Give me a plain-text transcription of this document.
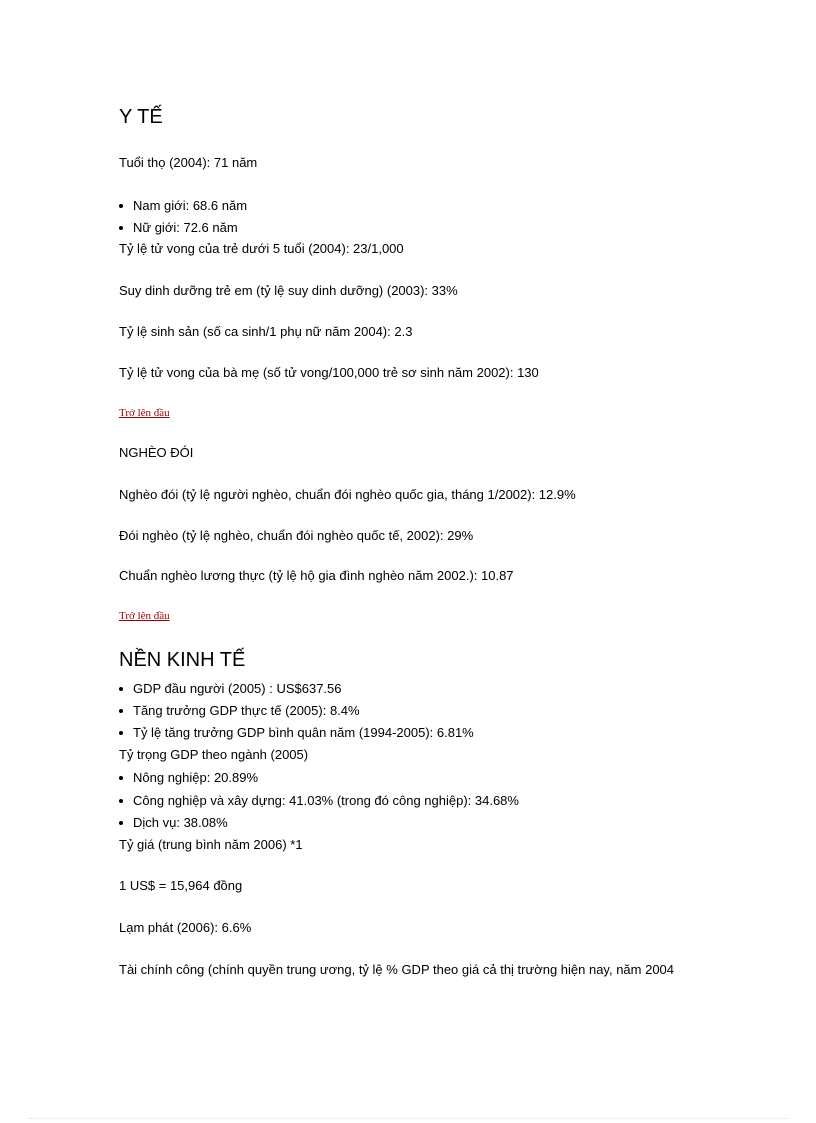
Y TẾ
Tuổi thọ (2004): 71 năm
Nam giới: 68.6 năm
Nữ giới: 72.6 năm
Tỷ lệ tử vong của trẻ dưới 5 tuổi (2004): 23/1,000
Suy dinh dưỡng trẻ em (tỷ lệ suy dinh dưỡng) (2003): 33%
Tỷ lệ sinh sản (số ca sinh/1 phụ nữ năm 2004): 2.3
Tỷ lệ tử vong của bà mẹ (số tử vong/100,000 trẻ sơ sinh năm 2002): 130
Trở lên đầu
NGHÈO ĐÓI
Nghèo đói (tỷ lệ người nghèo, chuẩn đói nghèo quốc gia, tháng 1/2002): 12.9%
Đói nghèo (tỷ lệ nghèo, chuẩn đói nghèo quốc tế, 2002): 29%
Chuẩn nghèo lương thực (tỷ lệ hộ gia đình nghèo năm 2002.): 10.87
Trở lên đầu
NỀN KINH TẾ
GDP đầu người (2005) : US$637.56
Tăng trưởng GDP thực tế (2005): 8.4%
Tỷ lệ tăng trưởng GDP bình quân năm (1994-2005): 6.81%
Tỷ trọng GDP theo ngành (2005)
Nông nghiệp: 20.89%
Công nghiệp và xây dựng: 41.03% (trong đó công nghiệp): 34.68%
Dịch vụ: 38.08%
Tỷ giá (trung bình năm 2006) *1
1 US$ = 15,964 đồng
Lạm phát (2006): 6.6%
Tài chính công (chính quyền trung ương, tỷ lệ % GDP theo giá cả thị trường hiện nay, năm 2004
